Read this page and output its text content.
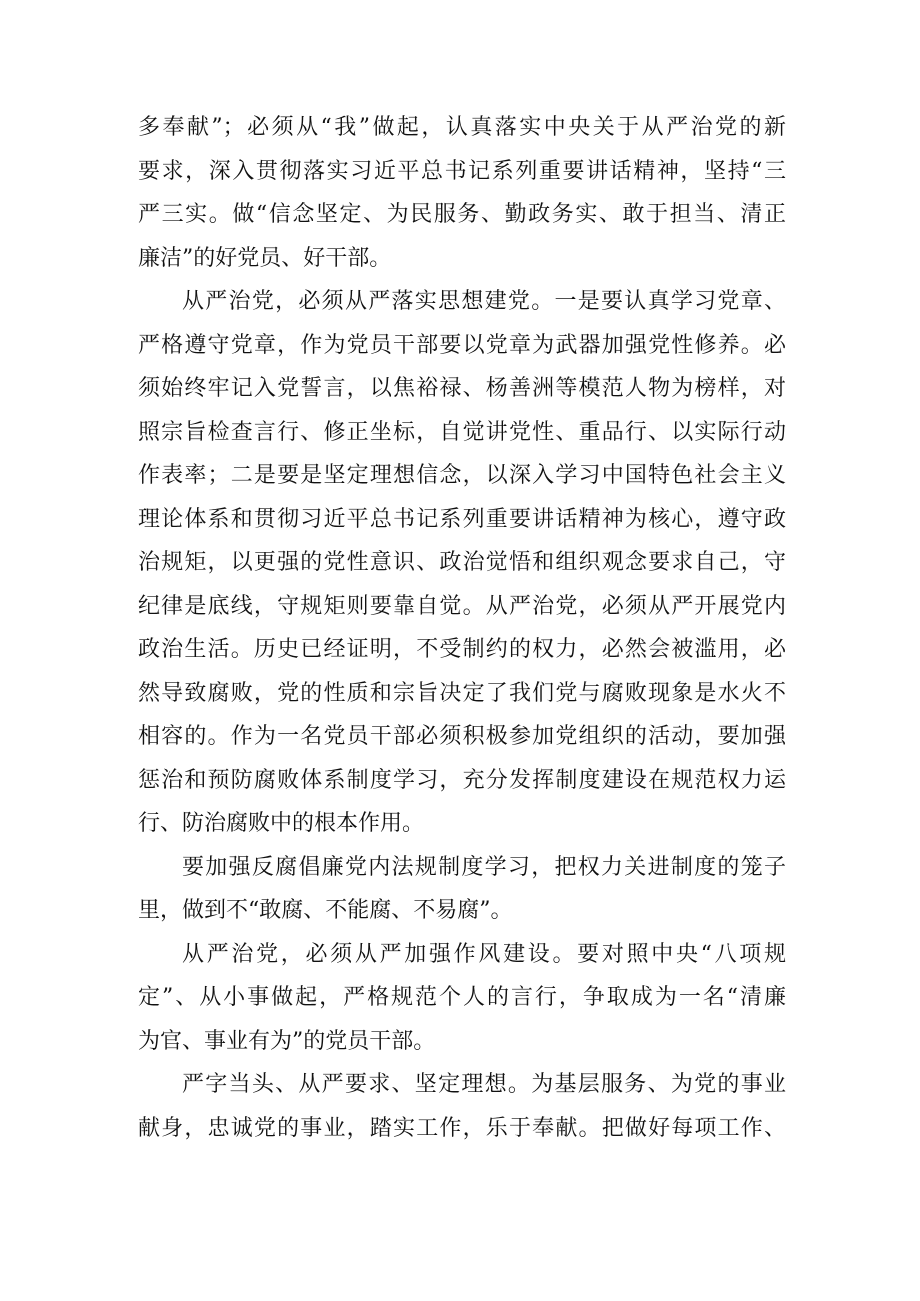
多奉献”；必须从“我”做起，认真落实中央关于从严治党的新
要求，深入贯彻落实习近平总书记系列重要讲话精神，坚持“三
严三实。做“信念坚定、为民服务、勤政务实、敢于担当、清正
廉洁”的好党员、好干部。
从严治党，必须从严落实思想建党。一是要认真学习党章、
严格遵守党章，作为党员干部要以党章为武器加强党性修养。必
须始终牢记入党誓言，以焦裕禄、杨善洲等模范人物为榜样，对
照宗旨检查言行、修正坐标，自觉讲党性、重品行、以实际行动
作表率；二是要是坚定理想信念，以深入学习中国特色社会主义
理论体系和贯彻习近平总书记系列重要讲话精神为核心，遵守政
治规矩，以更强的党性意识、政治觉悟和组织观念要求自己，守
纪律是底线，守规矩则要靠自觉。从严治党，必须从严开展党内
政治生活。历史已经证明，不受制约的权力，必然会被滥用，必
然导致腐败，党的性质和宗旨决定了我们党与腐败现象是水火不
相容的。作为一名党员干部必须积极参加党组织的活动，要加强
惩治和预防腐败体系制度学习，充分发挥制度建设在规范权力运
行、防治腐败中的根本作用。
要加强反腐倡廉党内法规制度学习，把权力关进制度的笼子
里，做到不“敢腐、不能腐、不易腐”。
从严治党，必须从严加强作风建设。要对照中央“八项规
定”、从小事做起，严格规范个人的言行，争取成为一名“清廉
为官、事业有为”的党员干部。
严字当头、从严要求、坚定理想。为基层服务、为党的事业
献身，忠诚党的事业，踏实工作，乐于奉献。把做好每项工作、
